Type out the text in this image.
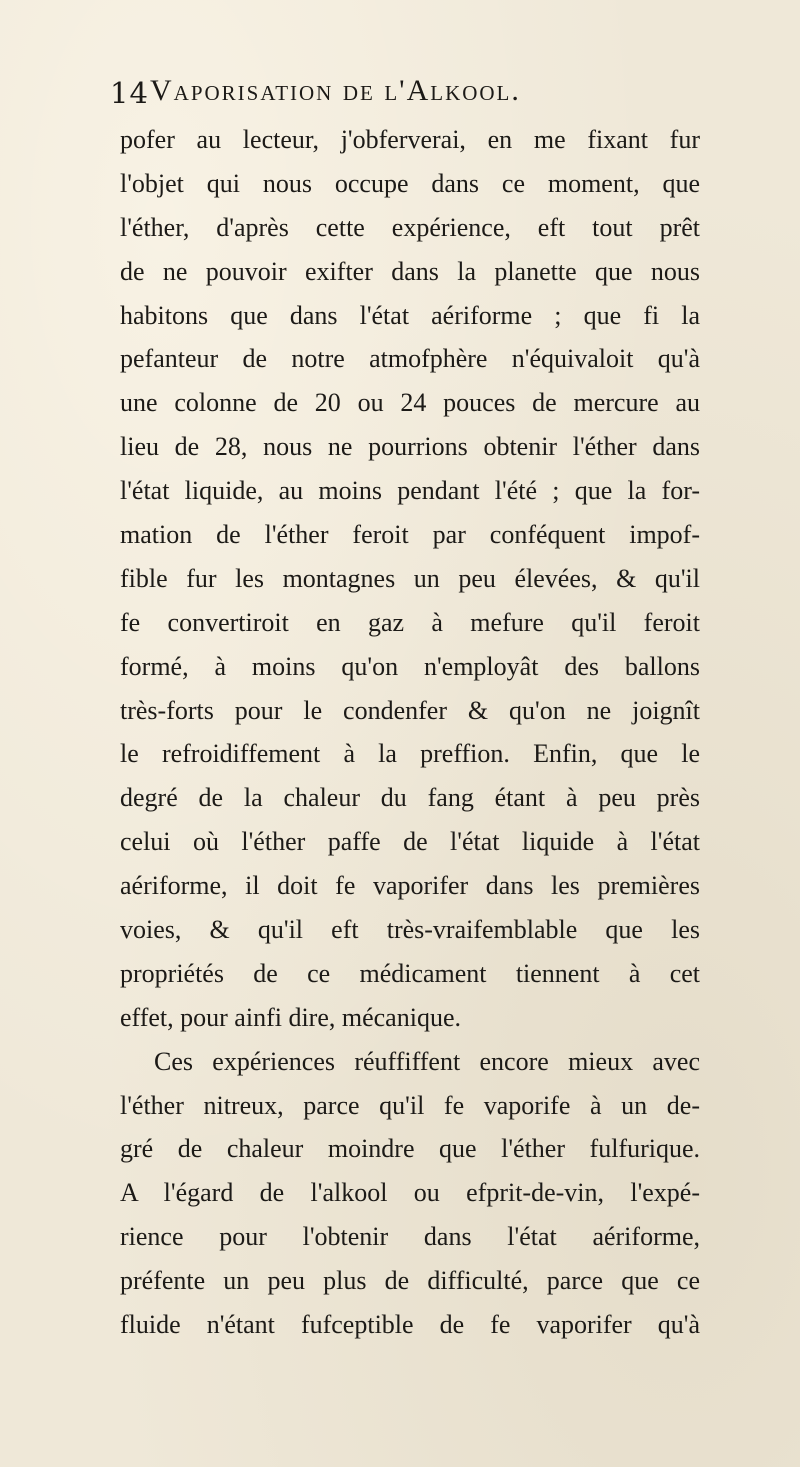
14 Vaporisation de l'Alkool.
pofer au lecteur, j'obferverai, en me fixant fur
l'objet qui nous occupe dans ce moment, que
l'éther, d'après cette expérience, eft tout prêt
de ne pouvoir exifter dans la planette que nous
habitons que dans l'état aériforme ; que fi la
pefanteur de notre atmofphère n'équivaloit qu'à
une colonne de 20 ou 24 pouces de mercure au
lieu de 28, nous ne pourrions obtenir l'éther dans
l'état liquide, au moins pendant l'été ; que la for-
mation de l'éther feroit par conféquent impof-
fible fur les montagnes un peu élevées, & qu'il
fe convertiroit en gaz à mefure qu'il feroit
formé, à moins qu'on n'employât des ballons
très-forts pour le condenfer & qu'on ne joignît
le refroidiffement à la preffion. Enfin, que le
degré de la chaleur du fang étant à peu près
celui où l'éther paffe de l'état liquide à l'état
aériforme, il doit fe vaporifer dans les premières
voies, & qu'il eft très-vraifemblable que les
propriétés de ce médicament tiennent à cet
effet, pour ainfi dire, mécanique.
Ces expériences réuffiffent encore mieux avec
l'éther nitreux, parce qu'il fe vaporife à un de-
gré de chaleur moindre que l'éther fulfurique.
A l'égard de l'alkool ou efprit-de-vin, l'expé-
rience pour l'obtenir dans l'état aériforme,
préfente un peu plus de difficulté, parce que ce
fluide n'étant fufceptible de fe vaporifer qu'à
